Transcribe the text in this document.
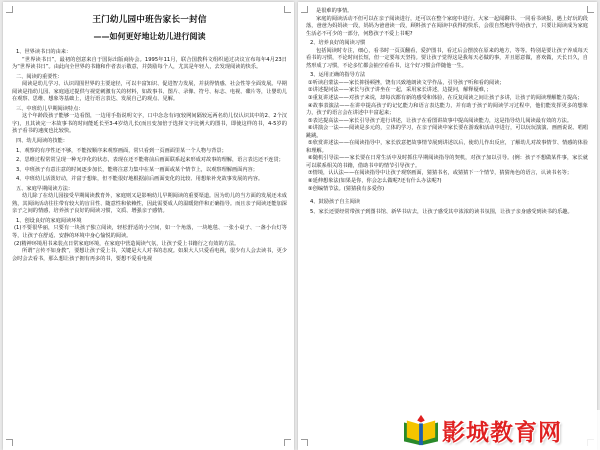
王门幼儿园中班告家长一封信
——如何更好地让幼儿进行阅读

1、世界读书日的由来：

“世界读书日”，最初的创意来自于国际出版商协会。1995年11月，联合国教科文组织通过决议宣布每年4月23日为“世界读书日”。由此向全世界的书籍和作者表示敬意，并鼓励每个人，尤其是年轻人，去发现阅读的快乐。

二、阅读的重要性：

阅读是幼儿学习、认识周围世界的主要途径，可以丰富知识、促进智力发展，并获得情感、社会性等全面发展。早期阅读是指幼儿园、家庭通过提供与视觉刺激有关的材料，如故事书、图片、录像、符号、标志、电视、碟片等，让婴幼儿在观察、思维、想象等基础上，进行语言表达、发展自己的观点、见解。

三、中班幼儿早期阅读特点：

这个年龄段孩子能够一边看图，一边用手指说明文字，口中念念有词(较网间隔较远两名幼儿仅认识其中的2、2个汉字)，且其读完一本故事书的时间能延长至3-4岁幼儿长(而且变加倍于选择文字比例大的图书，即使这样的书，4-5岁的孩子看书的速度也比较快。

四、幼儿阅读的技能：

1、观察的有序性还不够，不能按顺序来观察画面，常只看到一页画面里某一个人物与背景；

2、思维过程常常呈现一种无序化的状态，表现在还不能将前后画面联系起来形成对故事的理解，语言表达还不连贯；

3、中班孩子有意注意的时间逐步加长，能将注意力集中在某一画面或某个情节上，以观察理解画面内容；

4、中班幼儿活泼好动，并富于想象，但不能很好地根据前后画面变化的比较、用想象补充故事发展的内容。

五、家庭早期阅读方法：

幼儿除了在幼儿园接受早期阅读教育外，家庭则又是影响幼儿早期阅读的重要渠道。因为幼儿的当方面的发展还未成熟，其阅读活动往往带有较大的盲目性、随意性和依赖性，因此需要成人的温暖陪伴和正确指导。而且亲子阅读还能加深亲子之间的情感，培养孩子良好的阅读习惯，文质、增强亲子感情。

1、创设良好的家庭阅读环境

(1)不要很华丽，只要有一块孩子独立阅读，轻松舒适的小空间，如一个角落，一块地毯、一张小桌子、一盏小台灯等等，让孩子在舒适、安静的环境中身心愉悦的阅读。

(2)精神环境用书来装点日常家庭环境，在家庭中营造阅读气氛，让孩子爱上书籍行之有效的方法。

所谓“言传不如身教”，要想让孩子爱上书，关键是大人对书的态度。如果大人只爱看电视，很少有人会去读书，更少会时会去看书，那么想让孩子拥有再多的书，要想不爱看电视

是很难的事情。

家庭的阅读活动不但可以在亲子阅读进行，还可以在整个家庭中进行。大家一起阅聊书、一同看书读报，遇上好玩的段落，爸爸为妈妈读一段，妈妈为爸爸读一段，顾料孩子在阅读中获得的快乐，会很自然地传导给孩子，只要让阅读成为家庭生活必不可少的一部分，何愁孩子不爱上书呢?

2、培养良好的阅读习惯

包括阅读时专注，细心，看书时一页页翻看，爱护图书，看过后会摆放在原来的地方，等等。特别是要让孩子养成每天看书的习惯，不论时间长短，但一定要每天坚持。要让孩子觉得这是我每天必做的事，并且愿意做，喜欢做，天长日久，自然形成了习惯，不论多忙都会抽空看看书，这个好习惯会伴随他一生。

3、运用正确的指导方法

①听读启蒙法——家长抑扬顿挫，饶有兴致地朗读文学作品，引导孩子听和看的阅读；

②讲述提问法——家长与孩子讲坐在一起，采用家长讲述，边提问，解释疑难，；

③重复讲述法——对孩子来说，却每次都有新的感受和体验，在反复阅读之间让孩子多讲，让孩子的阅读理解能力提高；

④故事表演法——在讲中提高孩子的记忆能力和语言表达能力，并有助于孩子的阅读学习过程中，他们能发挥更多的想象力，孩子的语言会在讲述中丰富起来；

⑤表达提高法——家长引导孩子进行讲述，让孩子在看图讲故事中提高阅读能力，这是指导幼儿阅读最有效的方法。

⑥讲演会一法——阅读是多元的，立体的学习，在亲子阅读中家长要在游戏和活动中进行，可以玩玩演演、画画说说、唱唱跳跳。

⑤欣赏讲述法——在阅读指导中，家长放意把故事情节展到讲述以后，使幼儿作出反应，了解幼儿对故事情节、情感的体验和理解。

⑥随机引导法——家长要在日常生活中及时抓住早期阅读指导的契机，对孩子加以引导。(例：孩子不想做某件事，家长就可以联系相关的书籍，借助书中的情节引导孩子。

⑦情境，认认法——在阅读指导中让孩子观察画面，猜猜书名，或猜猜下一个情节，猜猜角色的语言，认读书名等；

⑧延伸想象法(如果是你，你会怎么做呢?还有什么办法呢?)

⑨创编情节法。(猜猜我有多爱你)

4、鼓励孩子自主阅读

5、家长还要经常带孩子到图书馆、新华书店去，让孩子感受其中浓浓的读书氛围，让孩子亲身感受到读书的乐趣。

影城教育网
